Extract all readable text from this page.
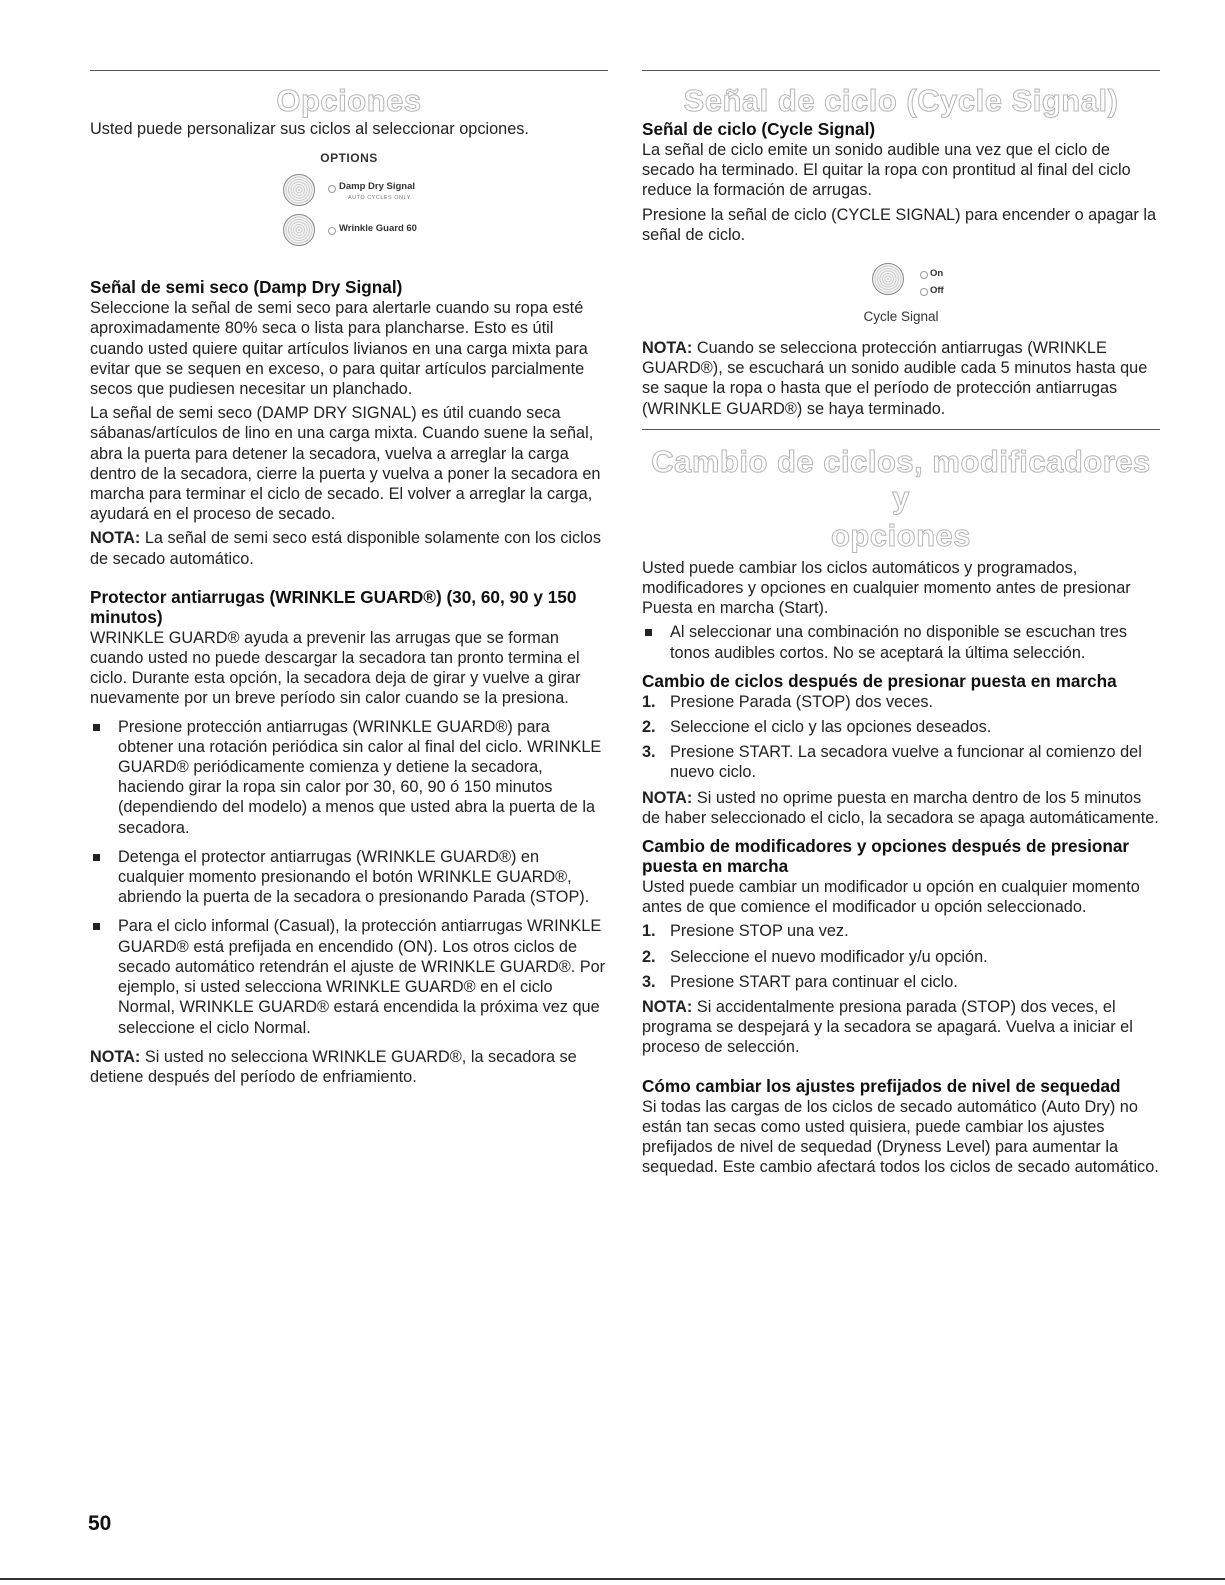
Opciones

Usted puede personalizar sus ciclos al seleccionar opciones.

OPTIONS
Damp Dry Signal
AUTO CYCLES ONLY
Wrinkle Guard 60
Señal de semi seco (Damp Dry Signal)

Seleccione la señal de semi seco para alertarle cuando su ropa esté aproximadamente 80% seca o lista para plancharse. Esto es útil cuando usted quiere quitar artículos livianos en una carga mixta para evitar que se sequen en exceso, o para quitar artículos parcialmente secos que pudiesen necesitar un planchado.

La señal de semi seco (DAMP DRY SIGNAL) es útil cuando seca sábanas/artículos de lino en una carga mixta. Cuando suene la señal, abra la puerta para detener la secadora, vuelva a arreglar la carga dentro de la secadora, cierre la puerta y vuelva a poner la secadora en marcha para terminar el ciclo de secado. El volver a arreglar la carga, ayudará en el proceso de secado.

NOTA: La señal de semi seco está disponible solamente con los ciclos de secado automático.

Protector antiarrugas (WRINKLE GUARD®) (30, 60, 90 y 150 minutos)

WRINKLE GUARD® ayuda a prevenir las arrugas que se forman cuando usted no puede descargar la secadora tan pronto termina el ciclo. Durante esta opción, la secadora deja de girar y vuelve a girar nuevamente por un breve período sin calor cuando se la presiona.

Presione protección antiarrugas (WRINKLE GUARD®) para obtener una rotación periódica sin calor al final del ciclo. WRINKLE GUARD® periódicamente comienza y detiene la secadora, haciendo girar la ropa sin calor por 30, 60, 90 ó 150 minutos (dependiendo del modelo) a menos que usted abra la puerta de la secadora.
Detenga el protector antiarrugas (WRINKLE GUARD®) en cualquier momento presionando el botón WRINKLE GUARD®, abriendo la puerta de la secadora o presionando Parada (STOP).
Para el ciclo informal (Casual), la protección antiarrugas WRINKLE GUARD® está prefijada en encendido (ON). Los otros ciclos de secado automático retendrán el ajuste de WRINKLE GUARD®. Por ejemplo, si usted selecciona WRINKLE GUARD® en el ciclo Normal, WRINKLE GUARD® estará encendida la próxima vez que seleccione el ciclo Normal.

NOTA: Si usted no selecciona WRINKLE GUARD®, la secadora se detiene después del período de enfriamiento.

Señal de ciclo (Cycle Signal)
Señal de ciclo (Cycle Signal)

La señal de ciclo emite un sonido audible una vez que el ciclo de secado ha terminado. El quitar la ropa con prontitud al final del ciclo reduce la formación de arrugas.

Presione la señal de ciclo (CYCLE SIGNAL) para encender o apagar la señal de ciclo.

On
Off
Cycle Signal

NOTA: Cuando se selecciona protección antiarrugas (WRINKLE GUARD®), se escuchará un sonido audible cada 5 minutos hasta que se saque la ropa o hasta que el período de protección antiarrugas (WRINKLE GUARD®) se haya terminado.

Cambio de ciclos, modificadores y
opciones

Usted puede cambiar los ciclos automáticos y programados, modificadores y opciones en cualquier momento antes de presionar Puesta en marcha (Start).

Al seleccionar una combinación no disponible se escuchan tres tonos audibles cortos. No se aceptará la última selección.
Cambio de ciclos después de presionar puesta en marcha
1. Presione Parada (STOP) dos veces.
2. Seleccione el ciclo y las opciones deseados.
3. Presione START. La secadora vuelve a funcionar al comienzo del nuevo ciclo.

NOTA: Si usted no oprime puesta en marcha dentro de los 5 minutos de haber seleccionado el ciclo, la secadora se apaga automáticamente.

Cambio de modificadores y opciones después de presionar puesta en marcha

Usted puede cambiar un modificador u opción en cualquier momento antes de que comience el modificador u opción seleccionado.

1. Presione STOP una vez.
2. Seleccione el nuevo modificador y/u opción.
3. Presione START para continuar el ciclo.

NOTA: Si accidentalmente presiona parada (STOP) dos veces, el programa se despejará y la secadora se apagará. Vuelva a iniciar el proceso de selección.

Cómo cambiar los ajustes prefijados de nivel de sequedad

Si todas las cargas de los ciclos de secado automático (Auto Dry) no están tan secas como usted quisiera, puede cambiar los ajustes prefijados de nivel de sequedad (Dryness Level) para aumentar la sequedad. Este cambio afectará todos los ciclos de secado automático.

50
